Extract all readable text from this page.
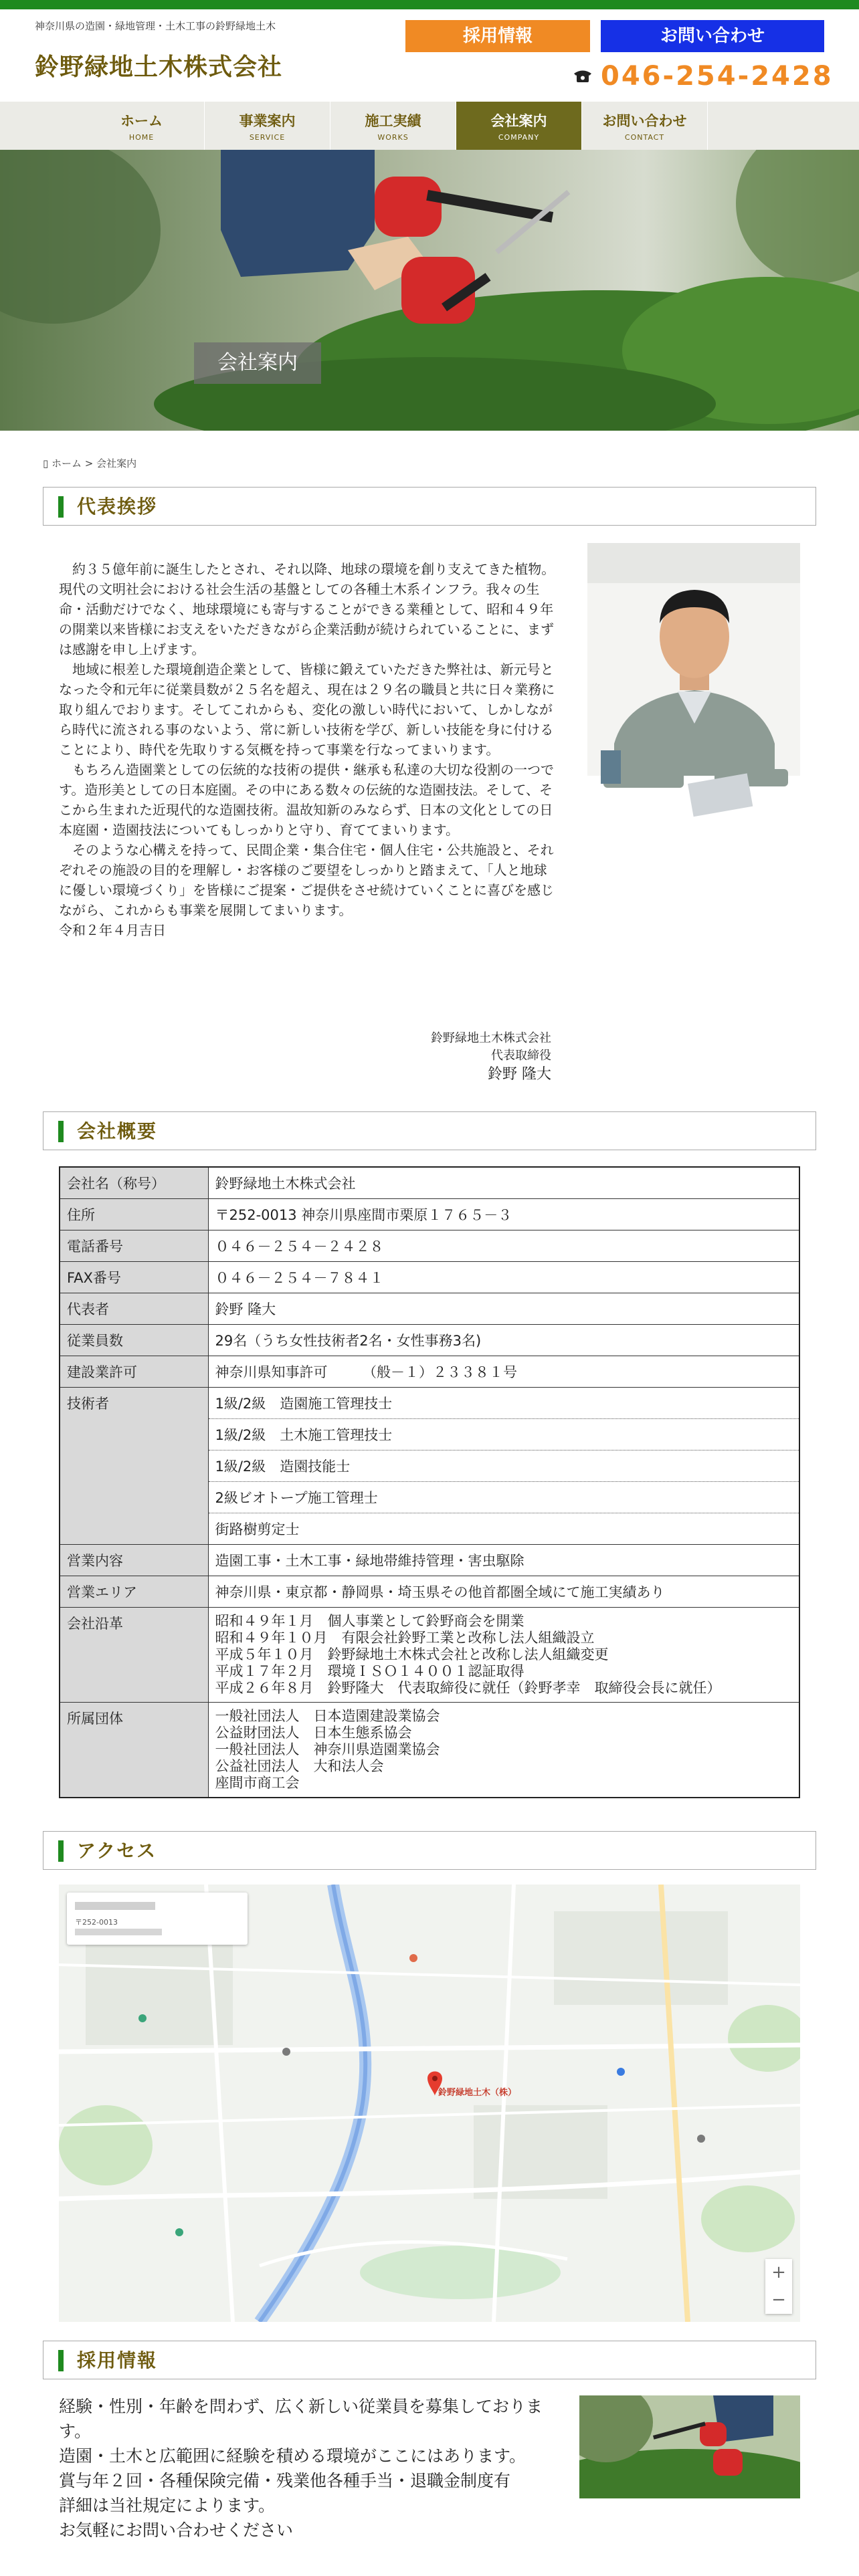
神奈川県の造園・緑地管理・土木工事の鈴野緑地土木
鈴野緑地土木株式会社
採用情報	お問い合わせ
046-254-2428
ホーム
HOME
事業案内
SERVICE
施工実績
WORKS
会社案内
COMPANY
お問い合わせ
CONTACT
会社案内
▯ ホーム > 会社案内
代表挨拶

約３５億年前に誕生したとされ、それ以降、地球の環境を創り支えてきた植物。現代の文明社会における社会生活の基盤としての各種土木系インフラ。我々の生命・活動だけでなく、地球環境にも寄与することができる業種として、昭和４９年の開業以来皆様にお支えをいただきながら企業活動が続けられていることに、まずは感謝を申し上げます。

地域に根差した環境創造企業として、皆様に鍛えていただきた弊社は、新元号となった令和元年に従業員数が２５名を超え、現在は２９名の職員と共に日々業務に取り組んでおります。そしてこれからも、変化の激しい時代において、しかしながら時代に流される事のないよう、常に新しい技術を学び、新しい技能を身に付けることにより、時代を先取りする気概を持って事業を行なってまいります。

もちろん造園業としての伝統的な技術の提供・継承も私達の大切な役割の一つです。造形美としての日本庭園。その中にある数々の伝統的な造園技法。そして、そこから生まれた近現代的な造園技術。温故知新のみならず、日本の文化としての日本庭園・造園技法についてもしっかりと守り、育ててまいります。

そのような心構えを持って、民間企業・集合住宅・個人住宅・公共施設と、それぞれその施設の目的を理解し・お客様のご要望をしっかりと踏まえて、「人と地球に優しい環境づくり」を皆様にご提案・ご提供をさせ続けていくことに喜びを感じながら、これからも事業を展開してまいります。

令和２年４月吉日

鈴野緑地土木株式会社
代表取締役
鈴野 隆大
会社概要
会社名（称号）	鈴野緑地土木株式会社

住所	〒252-0013 神奈川県座間市栗原１７６５－３

電話番号	０４６－２５４－２４２８

FAX番号	０４６－２５４－７８４１

代表者	鈴野 隆大

従業員数	29名（うち女性技術者2名・女性事務3名)

建設業許可	神奈川県知事許可　　　（般－１）２３３８１号

技術者	1級/2級　造園施工管理技士
1級/2級　土木施工管理技士
1級/2級　造園技能士
2級ビオトープ施工管理士
街路樹剪定士

営業内容	造園工事・土木工事・緑地帯維持管理・害虫駆除

営業エリア	神奈川県・東京都・静岡県・埼玉県その他首都圏全域にて施工実績あり

会社沿革	昭和４９年１月　個人事業として鈴野商会を開業
昭和４９年１０月　有限会社鈴野工業と改称し法人組織設立
平成５年１０月　鈴野緑地土木株式会社と改称し法人組織変更
平成１７年２月　環境ＩＳＯ１４００１認証取得
平成２６年８月　鈴野隆大　代表取締役に就任（鈴野孝幸　取締役会長に就任）

所属団体	一般社団法人　日本造園建設業協会
公益財団法人　日本生態系協会
一般社団法人　神奈川県造園業協会
公益社団法人　大和法人会
座間市商工会
アクセス
〒252-0013
鈴野緑地土木（株）
+
−
採用情報
経験・性別・年齢を問わず、広く新しい従業員を募集しております。
造園・土木と広範囲に経験を積める環境がここにはあります。
賞与年２回・各種保険完備・残業他各種手当・退職金制度有
詳細は当社規定によります。
お気軽にお問い合わせください
